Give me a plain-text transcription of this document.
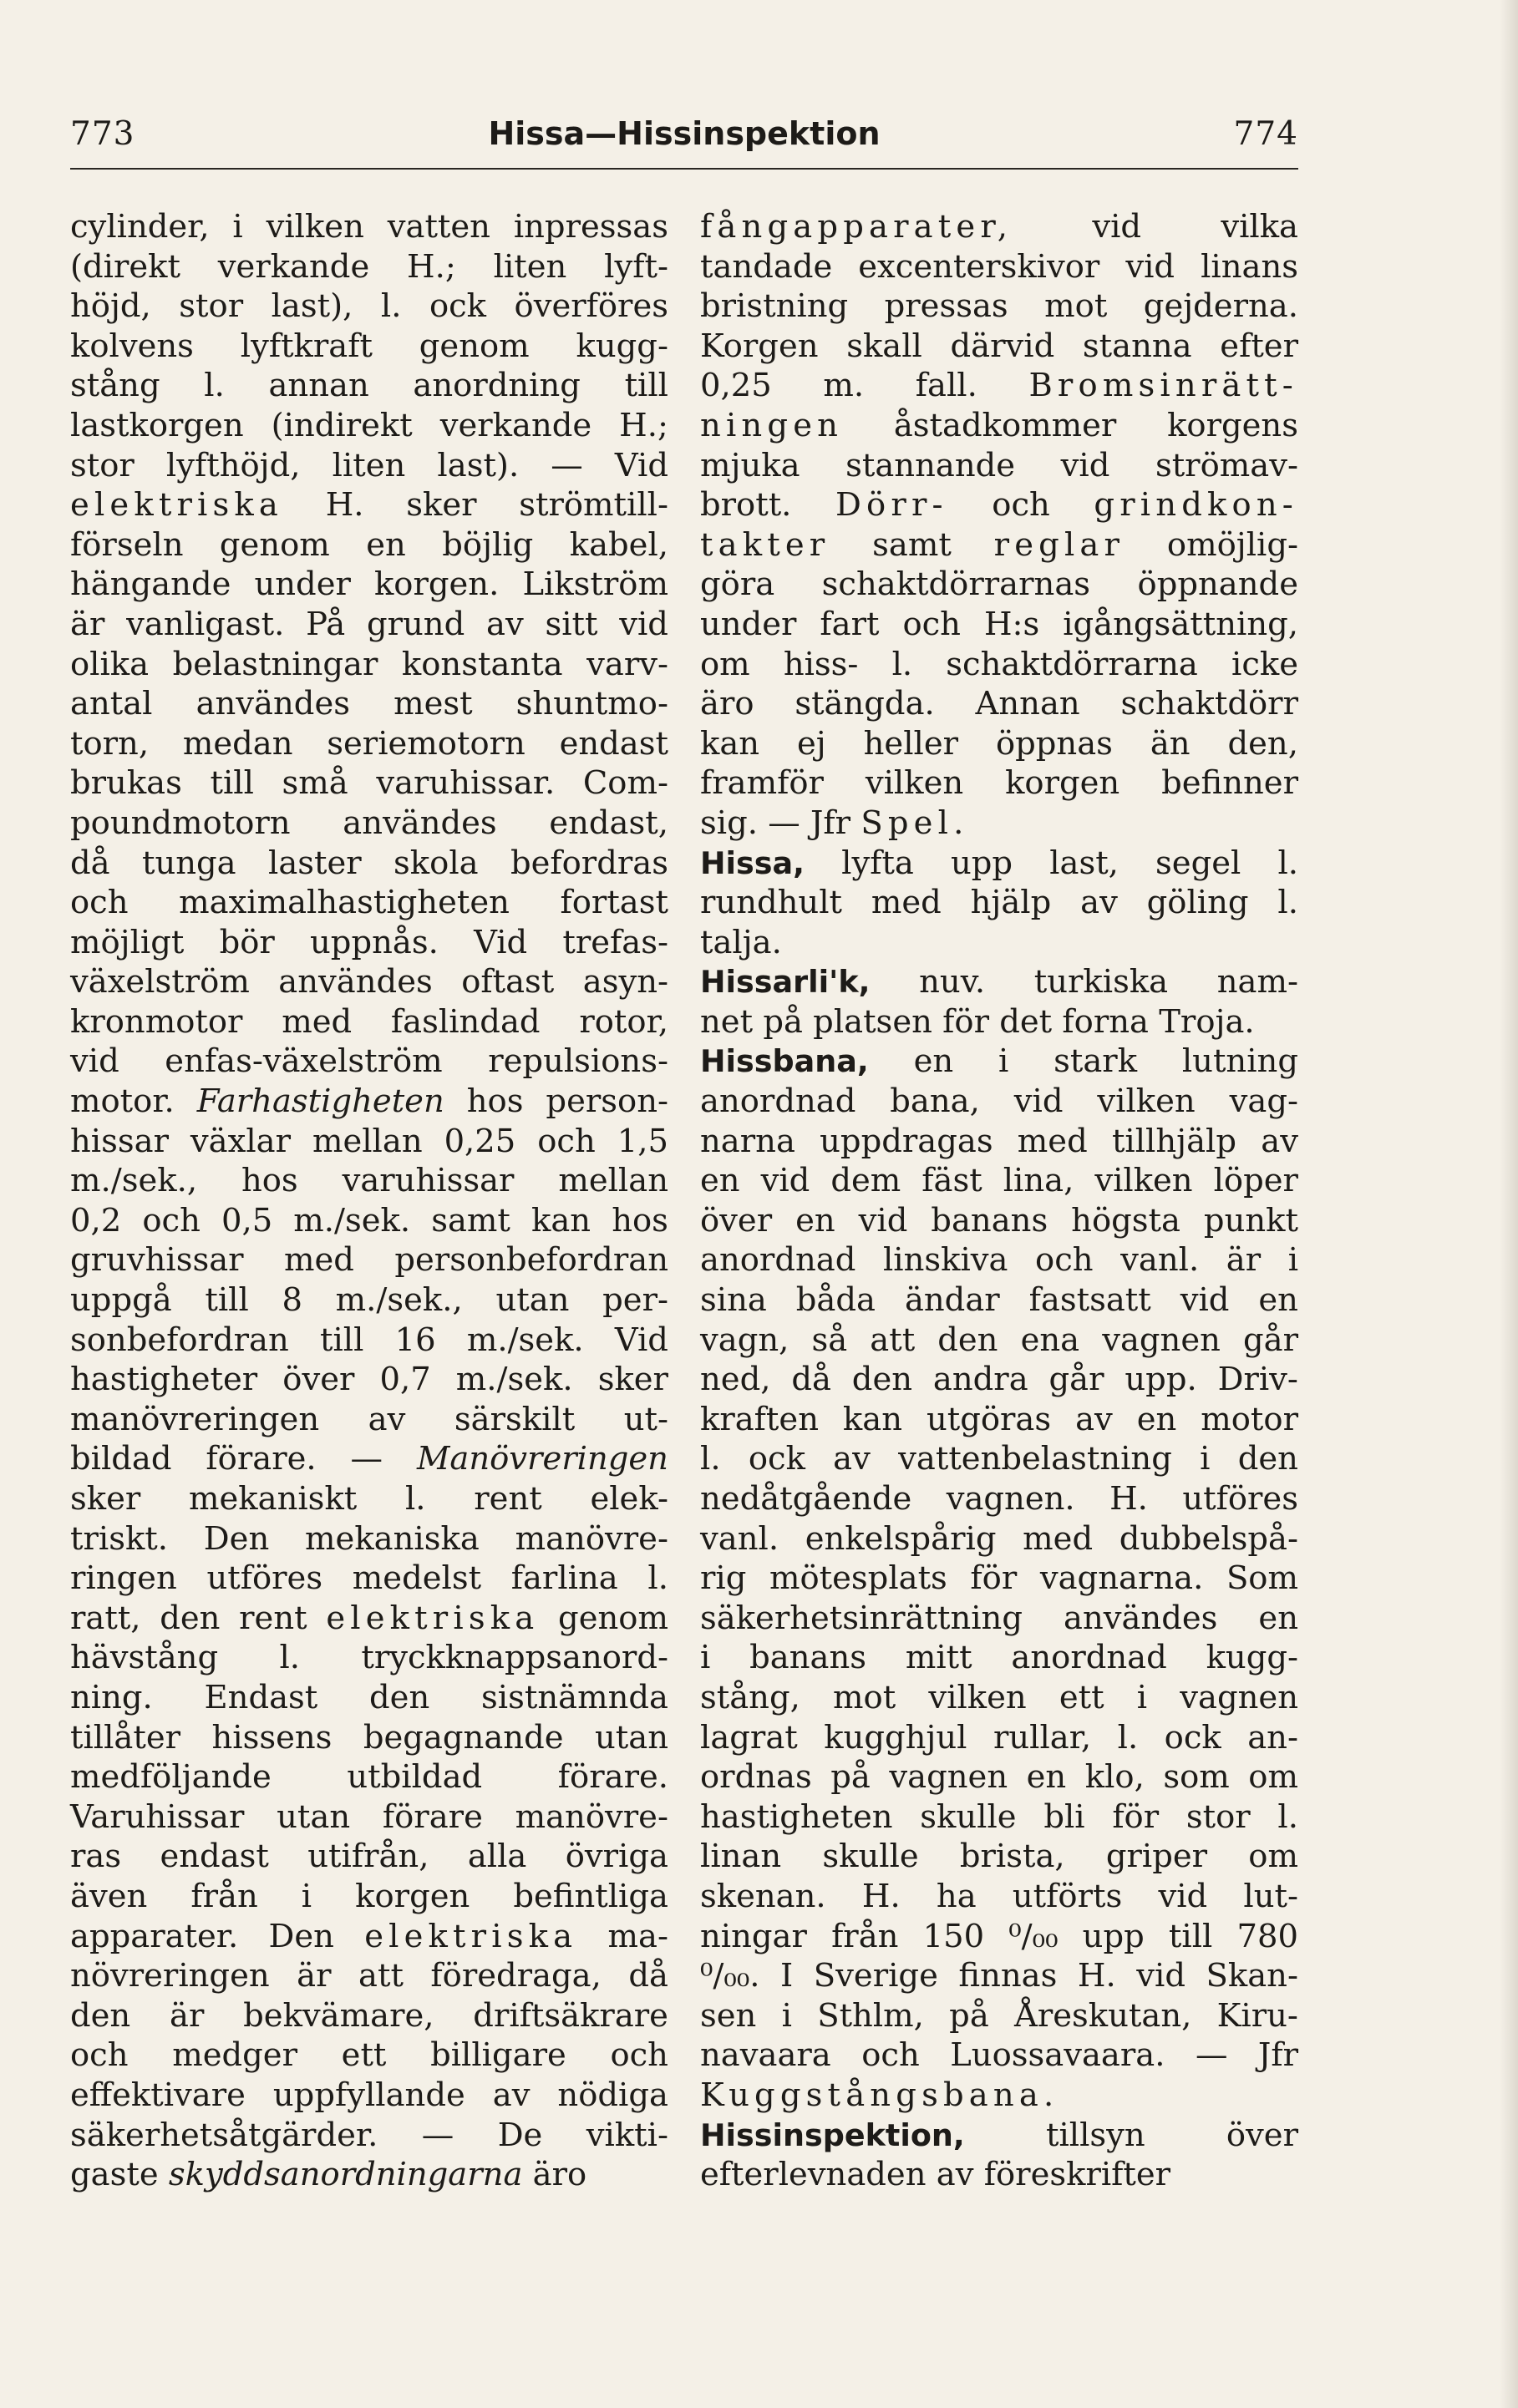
773	Hissa—Hissinspektion	774
cylinder, i vilken vatten inpressas
(direkt verkande H.; liten lyft-
höjd, stor last), l. ock överföres
kolvens lyftkraft genom kugg-
stång l. annan anordning till
lastkorgen (indirekt verkande H.;
stor lyfthöjd, liten last). — Vid
elektriska H. sker strömtill-
förseln genom en böjlig kabel,
hängande under korgen. Likström
är vanligast. På grund av sitt vid
olika belastningar konstanta varv-
antal användes mest shuntmo-
torn, medan seriemotorn endast
brukas till små varuhissar. Com-
poundmotorn användes endast,
då tunga laster skola befordras
och maximalhastigheten fortast
möjligt bör uppnås. Vid trefas-
växelström användes oftast asyn-
kronmotor med faslindad rotor,
vid enfas-växelström repulsions-
motor. Farhastigheten hos person-
hissar växlar mellan 0,25 och 1,5
m./sek., hos varuhissar mellan
0,2 och 0,5 m./sek. samt kan hos
gruvhissar med personbefordran
uppgå till 8 m./sek., utan per-
sonbefordran till 16 m./sek. Vid
hastigheter över 0,7 m./sek. sker
manövreringen av särskilt ut-
bildad förare. — Manövreringen
sker mekaniskt l. rent elek-
triskt. Den mekaniska manövre-
ringen utföres medelst farlina l.
ratt, den rent elektriska genom
hävstång l. tryckknappsanord-
ning. Endast den sistnämnda
tillåter hissens begagnande utan
medföljande utbildad förare.
Varuhissar utan förare manövre-
ras endast utifrån, alla övriga
även från i korgen befintliga
apparater. Den elektriska ma-
növreringen är att föredraga, då
den är bekvämare, driftsäkrare
och medger ett billigare och
effektivare uppfyllande av nödiga
säkerhetsåtgärder. — De vikti-
gaste skyddsanordningarna äro
fångapparater, vid vilka
tandade excenterskivor vid linans
bristning pressas mot gejderna.
Korgen skall därvid stanna efter
0,25 m. fall. Bromsinrätt-
ningen åstadkommer korgens
mjuka stannande vid strömav-
brott. Dörr- och grindkon-
takter samt reglar omöjlig-
göra schaktdörrarnas öppnande
under fart och H:s igångsättning,
om hiss- l. schaktdörrarna icke
äro stängda. Annan schaktdörr
kan ej heller öppnas än den,
framför vilken korgen befinner
sig. — Jfr Spel.
Hissa, lyfta upp last, segel l.
rundhult med hjälp av göling l.
talja.
Hissarli'k, nuv. turkiska nam-
net på platsen för det forna Troja.
Hissbana, en i stark lutning
anordnad bana, vid vilken vag-
narna uppdragas med tillhjälp av
en vid dem fäst lina, vilken löper
över en vid banans högsta punkt
anordnad linskiva och vanl. är i
sina båda ändar fastsatt vid en
vagn, så att den ena vagnen går
ned, då den andra går upp. Driv-
kraften kan utgöras av en motor
l. ock av vattenbelastning i den
nedåtgående vagnen. H. utföres
vanl. enkelspårig med dubbelspå-
rig mötesplats för vagnarna. Som
säkerhetsinrättning användes en
i banans mitt anordnad kugg-
stång, mot vilken ett i vagnen
lagrat kugghjul rullar, l. ock an-
ordnas på vagnen en klo, som om
hastigheten skulle bli för stor l.
linan skulle brista, griper om
skenan. H. ha utförts vid lut-
ningar från 150 ⁰/₀₀ upp till 780
⁰/₀₀. I Sverige finnas H. vid Skan-
sen i Sthlm, på Åreskutan, Kiru-
navaara och Luossavaara. — Jfr
Kuggstångsbana.
Hissinspektion,	tillsyn	över
efterlevnaden av föreskrifter
